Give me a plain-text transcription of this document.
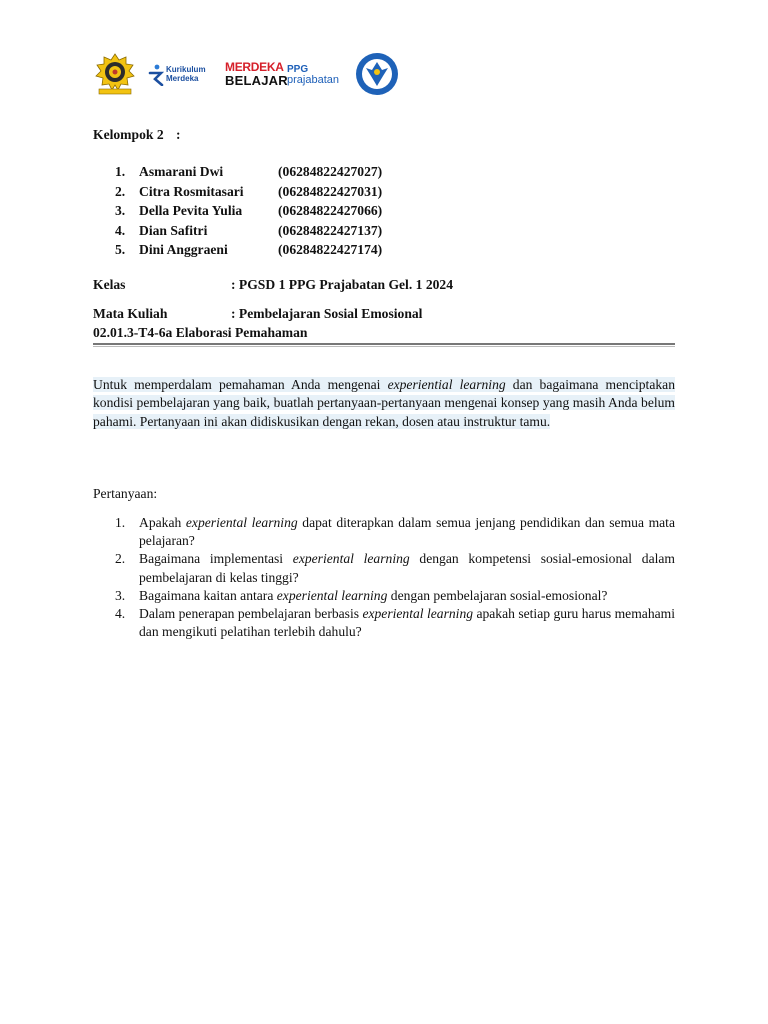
Kurikulum
Merdeka
MERDEKA
BELAJAR
PPG
prajabatan
Kelompok 2 :
1. Asmarani Dwi	(06284822427027)
2. Citra Rosmitasari	(06284822427031)
3. Della Pevita Yulia	(06284822427066)
4. Dian Safitri	(06284822427137)
5. Dini Anggraeni	(06284822427174)
Kelas	: PGSD 1 PPG Prajabatan Gel. 1 2024
Mata Kuliah	: Pembelajaran Sosial Emosional
02.01.3-T4-6a Elaborasi Pemahaman

Untuk memperdalam pemahaman Anda mengenai experiential learning dan bagaimana menciptakan kondisi pembelajaran yang baik, buatlah pertanyaan-pertanyaan mengenai konsep yang masih Anda belum pahami. Pertanyaan ini akan didiskusikan dengan rekan, dosen atau instruktur tamu.

Pertanyaan:
1. Apakah experiental learning dapat diterapkan dalam semua jenjang pendidikan dan semua mata pelajaran?
2. Bagaimana implementasi experiental learning dengan kompetensi sosial-emosional dalam pembelajaran di kelas tinggi?
3. Bagaimana kaitan antara experiental learning dengan pembelajaran sosial-emosional?
4. Dalam penerapan pembelajaran berbasis experiental learning apakah setiap guru harus memahami dan mengikuti pelatihan terlebih dahulu?
